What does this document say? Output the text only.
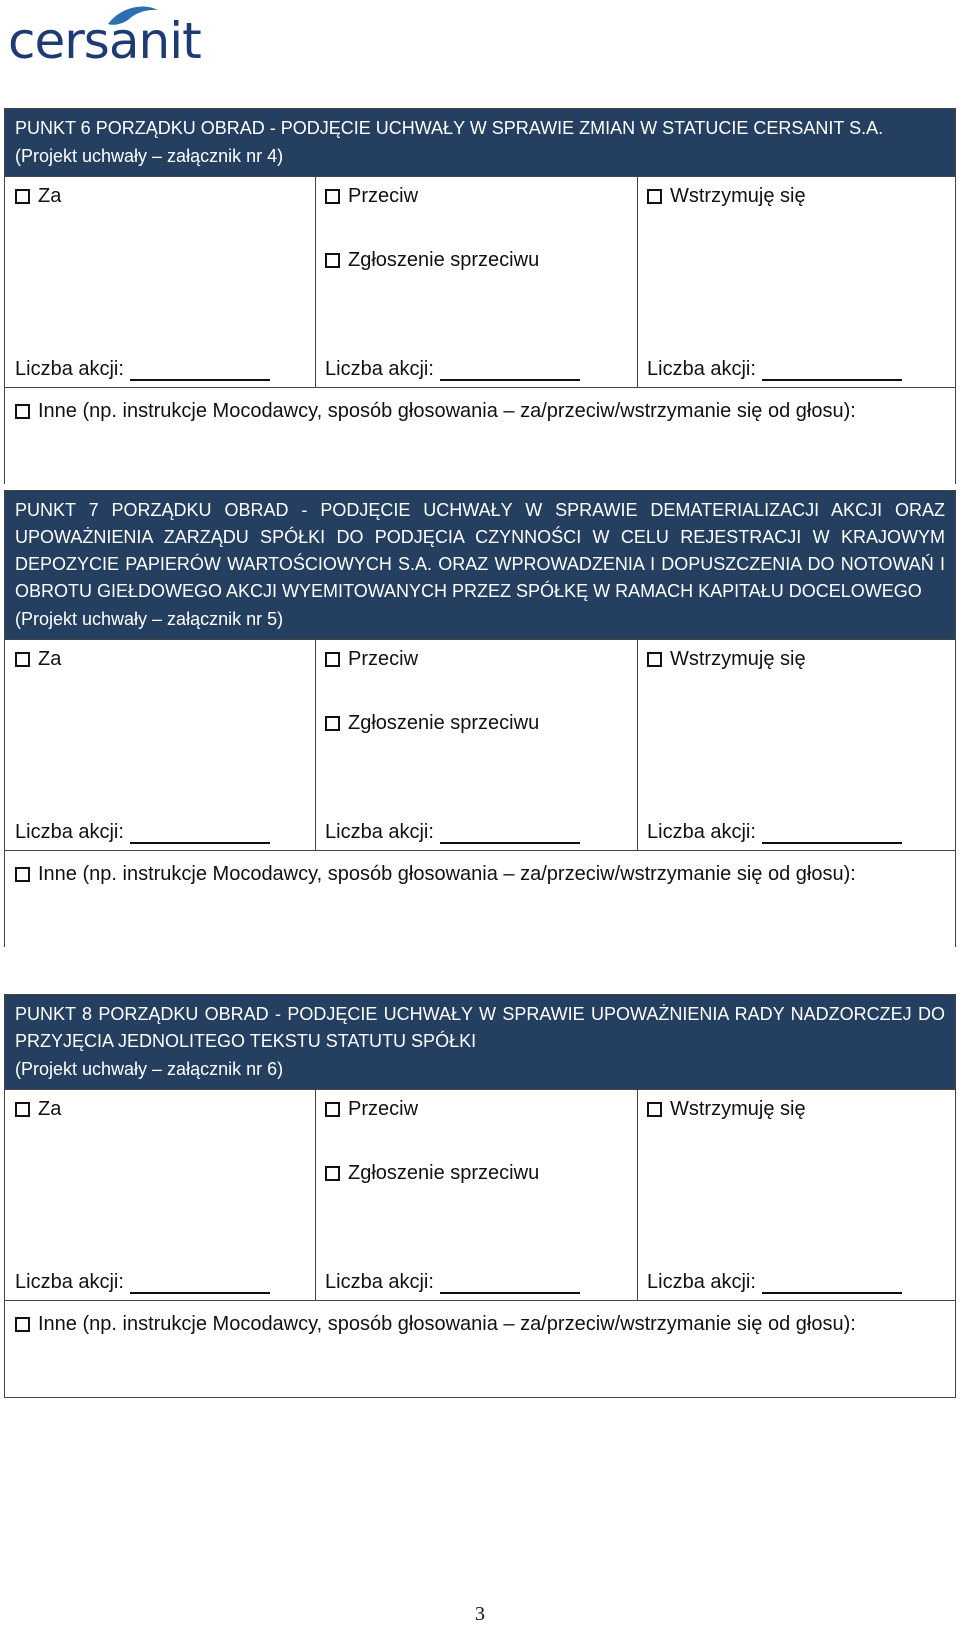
cersanit
PUNKT 6 PORZĄDKU OBRAD - PODJĘCIE UCHWAŁY W SPRAWIE ZMIAN W STATUCIE CERSANIT S.A.
(Projekt uchwały – załącznik nr 4)
Za
Liczba akcji:
Przeciw
Zgłoszenie sprzeciwu
Liczba akcji:
Wstrzymuję się
Liczba akcji:
Inne (np. instrukcje Mocodawcy, sposób głosowania – za/przeciw/wstrzymanie się od głosu):
PUNKT 7 PORZĄDKU OBRAD - PODJĘCIE UCHWAŁY W SPRAWIE DEMATERIALIZACJI AKCJI ORAZ UPOWAŻNIENIA ZARZĄDU SPÓŁKI DO PODJĘCIA CZYNNOŚCI W CELU REJESTRACJI W KRAJOWYM DEPOZYCIE PAPIERÓW WARTOŚCIOWYCH S.A. ORAZ WPROWADZENIA I DOPUSZCZENIA DO NOTOWAŃ I OBROTU GIEŁDOWEGO AKCJI WYEMITOWANYCH PRZEZ SPÓŁKĘ W RAMACH KAPITAŁU DOCELOWEGO
(Projekt uchwały – załącznik nr 5)
Za
Liczba akcji:
Przeciw
Zgłoszenie sprzeciwu
Liczba akcji:
Wstrzymuję się
Liczba akcji:
Inne (np. instrukcje Mocodawcy, sposób głosowania – za/przeciw/wstrzymanie się od głosu):
PUNKT 8 PORZĄDKU OBRAD - PODJĘCIE UCHWAŁY W SPRAWIE UPOWAŻNIENIA RADY NADZORCZEJ DO PRZYJĘCIA JEDNOLITEGO TEKSTU STATUTU SPÓŁKI
(Projekt uchwały – załącznik nr 6)
Za
Liczba akcji:
Przeciw
Zgłoszenie sprzeciwu
Liczba akcji:
Wstrzymuję się
Liczba akcji:
Inne (np. instrukcje Mocodawcy, sposób głosowania – za/przeciw/wstrzymanie się od głosu):
3
